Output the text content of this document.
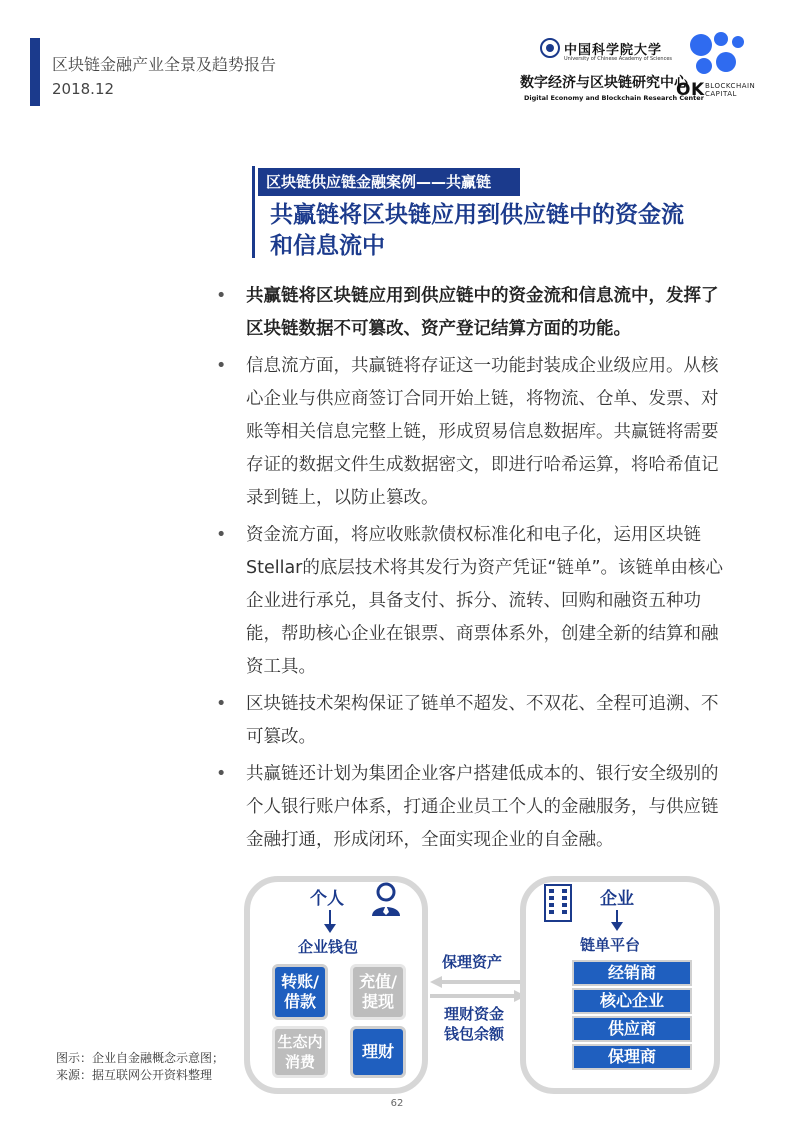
区块链金融产业全景及趋势报告
2018.12
中国科学院大学
University of Chinese Academy of Sciences
数字经济与区块链研究中心
Digital Economy and Blockchain Research Center
OK BLOCKCHAIN
CAPITAL
区块链供应链金融案例——共赢链
共赢链将区块链应用到供应链中的资金流
和信息流中
• 共赢链将区块链应用到供应链中的资金流和信息流中，发挥了区块链数据不可篡改、资产登记结算方面的功能。
• 信息流方面，共赢链将存证这一功能封装成企业级应用。从核心企业与供应商签订合同开始上链，将物流、仓单、发票、对账等相关信息完整上链，形成贸易信息数据库。共赢链将需要存证的数据文件生成数据密文，即进行哈希运算，将哈希值记录到链上，以防止篡改。
• 资金流方面，将应收账款债权标准化和电子化，运用区块链Stellar的底层技术将其发行为资产凭证“链单”。该链单由核心企业进行承兑，具备支付、拆分、流转、回购和融资五种功能，帮助核心企业在银票、商票体系外，创建全新的结算和融资工具。
• 区块链技术架构保证了链单不超发、不双花、全程可追溯、不可篡改。
• 共赢链还计划为集团企业客户搭建低成本的、银行安全级别的个人银行账户体系，打通企业员工个人的金融服务，与供应链金融打通，形成闭环，全面实现企业的自金融。
个人
企业钱包
转账/借款
充值/提现
生态内消费
理财
保理资产
理财资金
钱包余额
企业
链单平台
经销商
核心企业
供应商
保理商
图示：企业自金融概念示意图；
来源：据互联网公开资料整理
62
